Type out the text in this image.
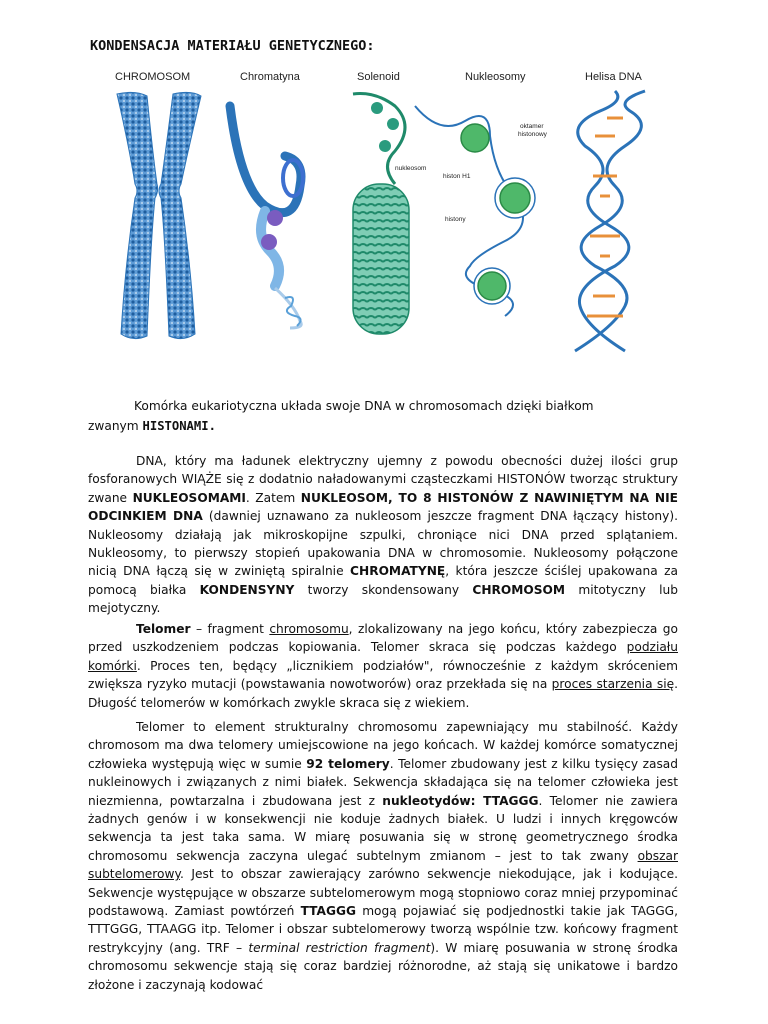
KONDENSACJA MATERIAŁU GENETYCZNEGO:
CHROMOSOM	Chromatyna	Solenoid	Nukleosomy	Helisa DNA
nukleosom
oktamer
histonowy
histon H1
histony
Komórka eukariotyczna układa swoje DNA w chromosomach dzięki białkom
zwanym HISTONAMI.

DNA, który ma ładunek elektryczny ujemny z powodu obecności dużej ilości grup fosforanowych WIĄŻE się z dodatnio naładowanymi cząsteczkami HISTONÓW tworząc struktury zwane NUKLEOSOMAMI. Zatem NUKLEOSOM, TO 8 HISTONÓW Z NAWINIĘTYM NA NIE ODCINKIEM DNA (dawniej uznawano za nukleosom jeszcze fragment DNA łączący histony). Nukleosomy działają jak mikroskopijne szpulki, chroniące nici DNA przed splątaniem. Nukleosomy, to pierwszy stopień upakowania DNA w chromosomie. Nukleosomy połączone nicią DNA łączą się w zwiniętą spiralnie CHROMATYNĘ, która jeszcze ściślej upakowana za pomocą białka KONDENSYNY tworzy skondensowany CHROMOSOM mitotyczny lub mejotyczny.

Telomer – fragment chromosomu, zlokalizowany na jego końcu, który zabezpiecza go przed uszkodzeniem podczas kopiowania. Telomer skraca się podczas każdego podziału komórki. Proces ten, będący „licznikiem podziałów", równocześnie z każdym skróceniem zwiększa ryzyko mutacji (powstawania nowotworów) oraz przekłada się na proces starzenia się. Długość telomerów w komórkach zwykle skraca się z wiekiem.

Telomer to element strukturalny chromosomu zapewniający mu stabilność. Każdy chromosom ma dwa telomery umiejscowione na jego końcach. W każdej komórce somatycznej człowieka występują więc w sumie 92 telomery. Telomer zbudowany jest z kilku tysięcy zasad nukleinowych i związanych z nimi białek. Sekwencja składająca się na telomer człowieka jest niezmienna, powtarzalna i zbudowana jest z nukleotydów: TTAGGG. Telomer nie zawiera żadnych genów i w konsekwencji nie koduje żadnych białek. U ludzi i innych kręgowców sekwencja ta jest taka sama. W miarę posuwania się w stronę geometrycznego środka chromosomu sekwencja zaczyna ulegać subtelnym zmianom – jest to tak zwany obszar subtelomerowy. Jest to obszar zawierający zarówno sekwencje niekodujące, jak i kodujące. Sekwencje występujące w obszarze subtelomerowym mogą stopniowo coraz mniej przypominać podstawową. Zamiast powtórzeń TTAGGG mogą pojawiać się podjednostki takie jak TAGGG, TTTGGG, TTAAGG itp. Telomer i obszar subtelomerowy tworzą wspólnie tzw. końcowy fragment restrykcyjny (ang. TRF – terminal restriction fragment). W miarę posuwania w stronę środka chromosomu sekwencje stają się coraz bardziej różnorodne, aż stają się unikatowe i bardzo złożone i zaczynają kodować
